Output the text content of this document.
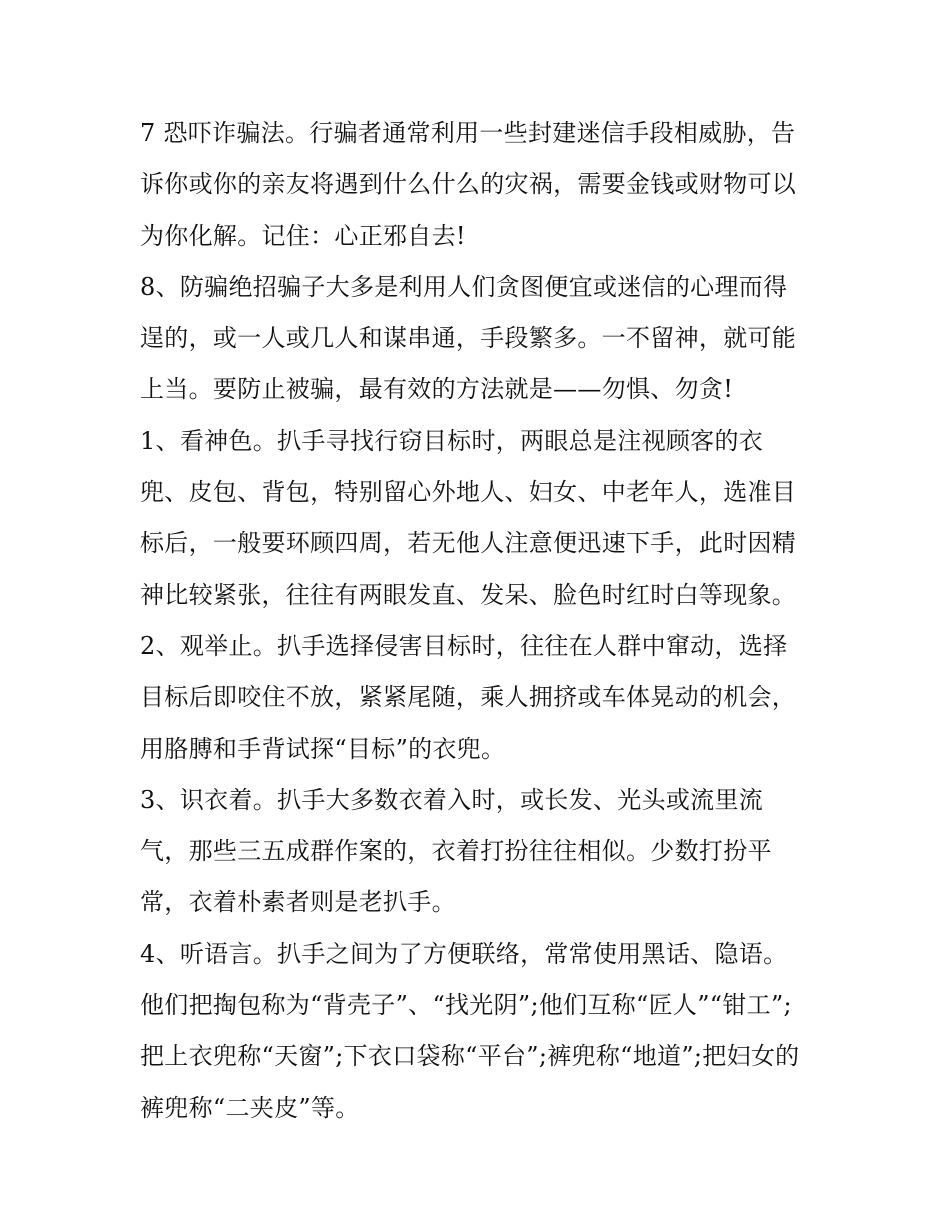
7 恐吓诈骗法。行骗者通常利用一些封建迷信手段相威胁，告
诉你或你的亲友将遇到什么什么的灾祸，需要金钱或财物可以
为你化解。记住：心正邪自去!
8、防骗绝招骗子大多是利用人们贪图便宜或迷信的心理而得
逞的，或一人或几人和谋串通，手段繁多。一不留神，就可能
上当。要防止被骗，最有效的方法就是——勿惧、勿贪!
1、看神色。扒手寻找行窃目标时，两眼总是注视顾客的衣
兜、皮包、背包，特别留心外地人、妇女、中老年人，选准目
标后，一般要环顾四周，若无他人注意便迅速下手，此时因精
神比较紧张，往往有两眼发直、发呆、脸色时红时白等现象。
2、观举止。扒手选择侵害目标时，往往在人群中窜动，选择
目标后即咬住不放，紧紧尾随，乘人拥挤或车体晃动的机会，
用胳膊和手背试探“目标”的衣兜。
3、识衣着。扒手大多数衣着入时，或长发、光头或流里流
气，那些三五成群作案的，衣着打扮往往相似。少数打扮平
常，衣着朴素者则是老扒手。
4、听语言。扒手之间为了方便联络，常常使用黑话、隐语。
他们把掏包称为“背壳子”、“找光阴”;他们互称“匠人”“钳工”;
把上衣兜称“天窗”;下衣口袋称“平台”;裤兜称“地道”;把妇女的
裤兜称“二夹皮”等。
